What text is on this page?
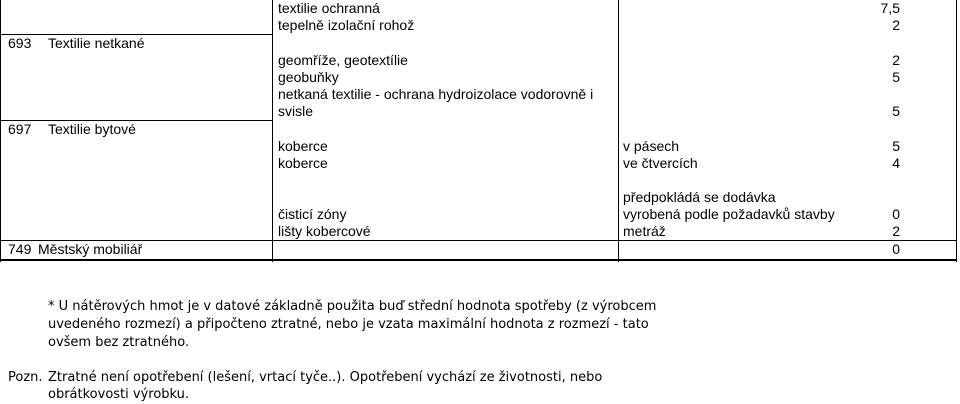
textilie ochranná	7,5
tepelně izolační rohož	2
693 Textilie netkané
geomříže, geotextílie	2
geobuňky	5
netkaná textilie - ochrana hydroizolace vodorovně i
svisle	5
697 Textilie bytové
koberce	v pásech	5
koberce	ve čtvercích	4
předpokládá se dodávka
čisticí zóny	vyrobená podle požadavků stavby	0
lišty kobercové	metráž	2
749 Městský mobiliář	0
* U nátěrových hmot je v datové základně použita buď střední hodnota spotřeby (z výrobcem
uvedeného rozmezí) a připočteno ztratné, nebo je vzata maximální hodnota z rozmezí - tato
ovšem bez ztratného.
Pozn. Ztratné není opotřebení (lešení, vrtací tyče..). Opotřebení vychází ze životnosti, nebo
obrátkovosti výrobku.
